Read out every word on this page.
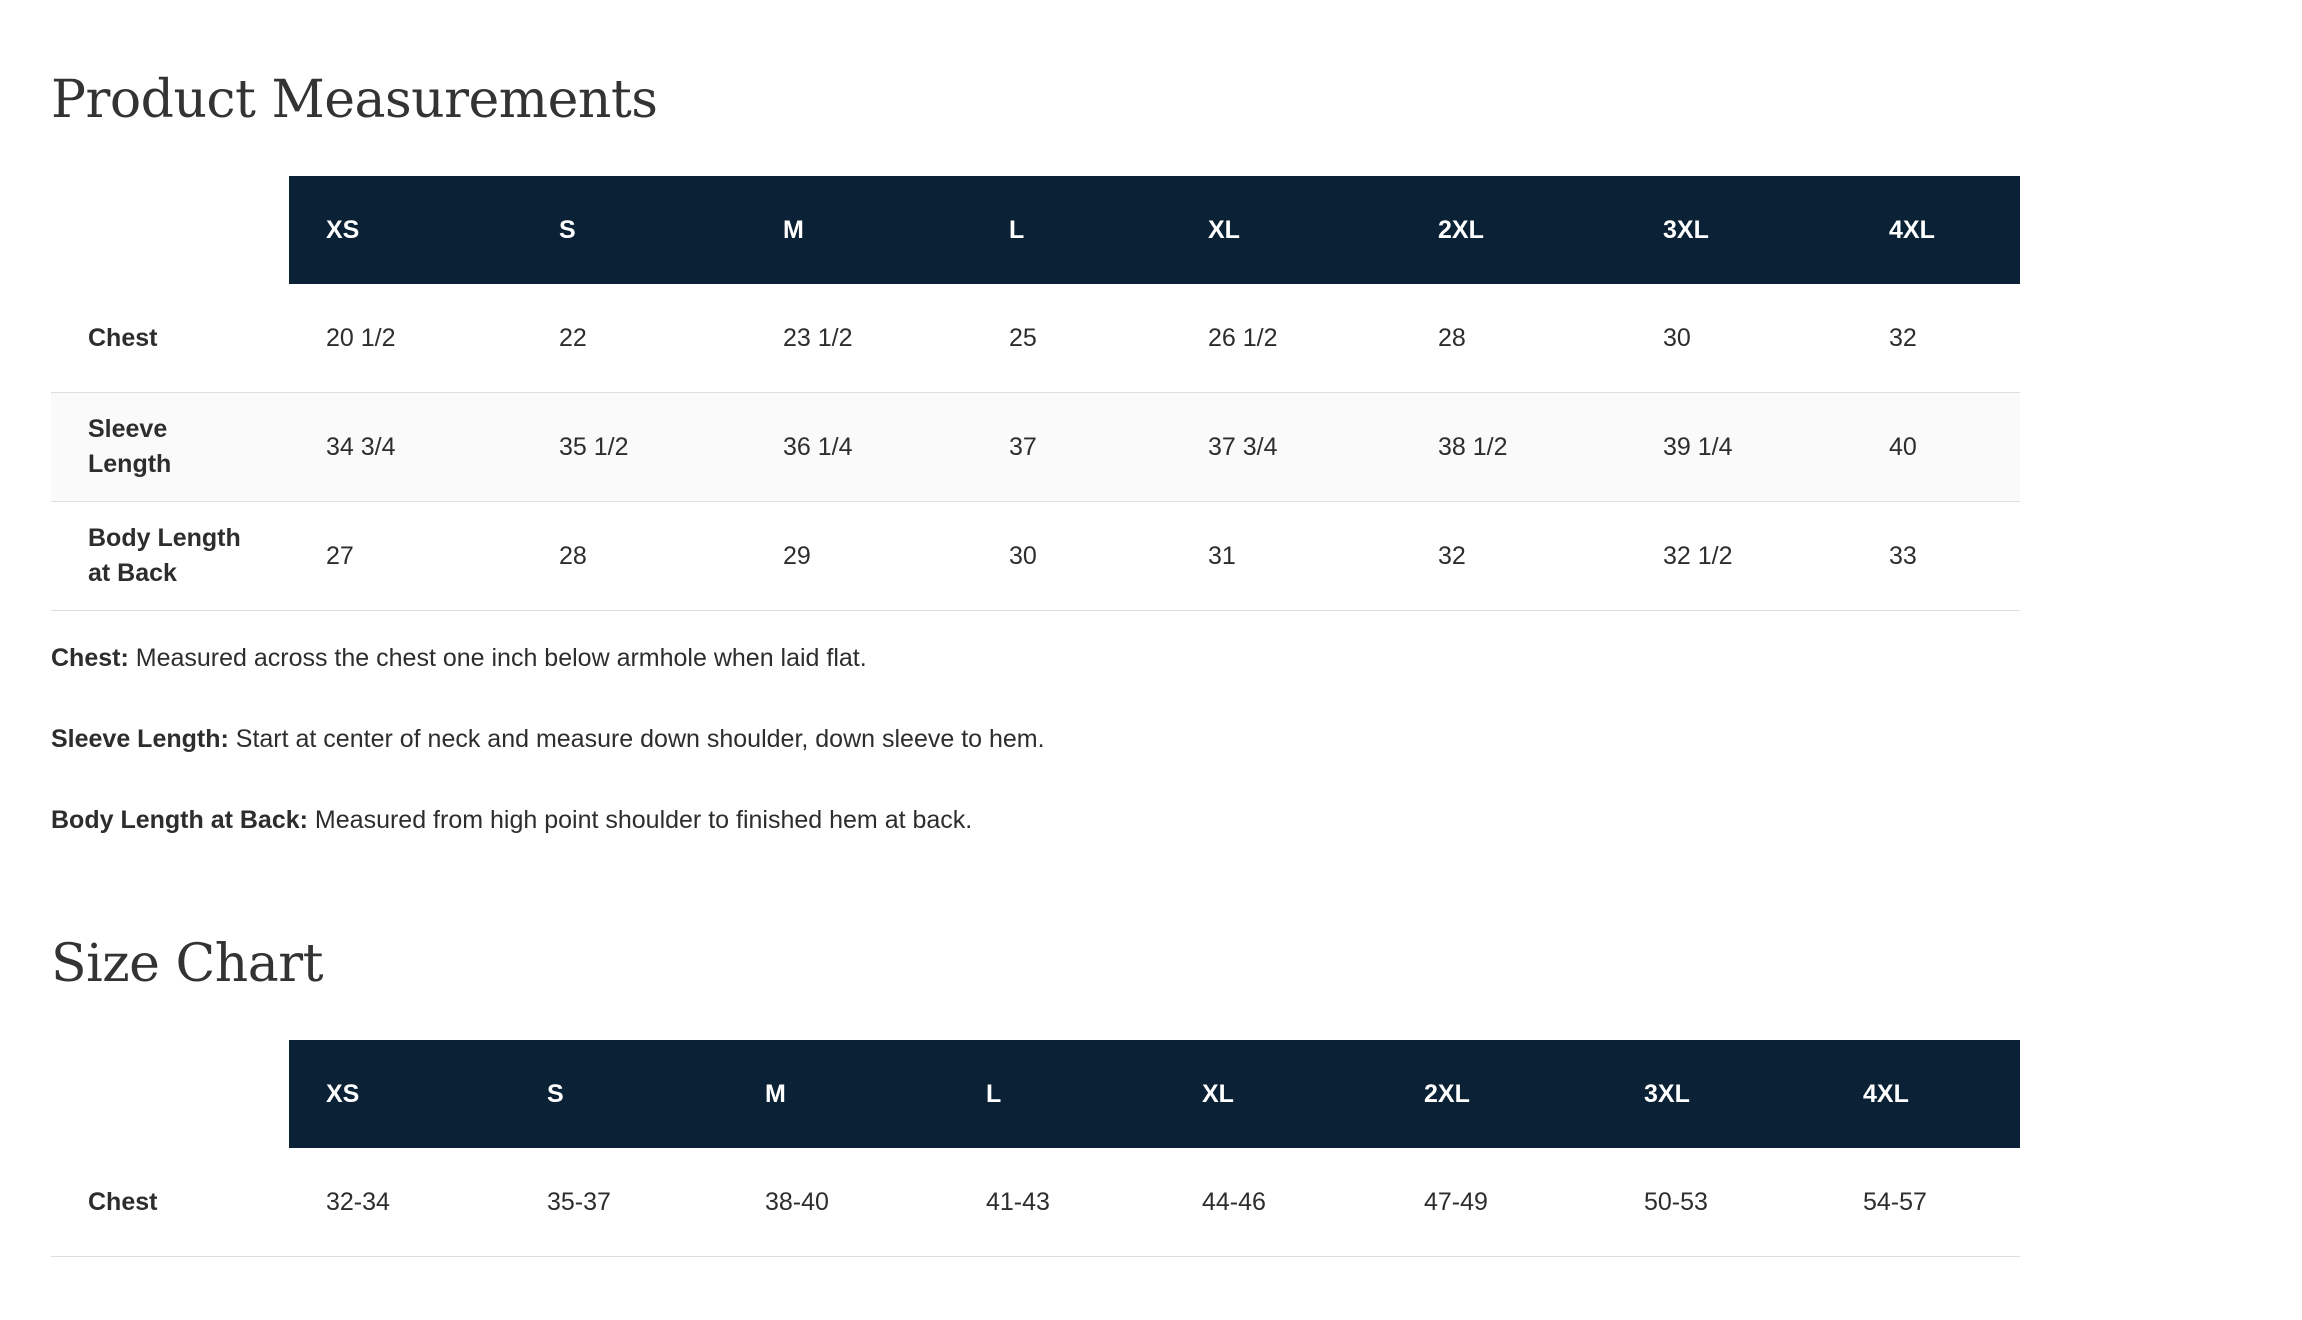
Product Measurements
	XS	S	M	L	XL	2XL	3XL	4XL
Chest	20 1/2	22	23 1/2	25	26 1/2	28	30	32
Sleeve Length	34 3/4	35 1/2	36 1/4	37	37 3/4	38 1/2	39 1/4	40
Body Length at Back	27	28	29	30	31	32	32 1/2	33

Chest: Measured across the chest one inch below armhole when laid flat.

Sleeve Length: Start at center of neck and measure down shoulder, down sleeve to hem.

Body Length at Back: Measured from high point shoulder to finished hem at back.

Size Chart
	XS	S	M	L	XL	2XL	3XL	4XL
Chest	32-34	35-37	38-40	41-43	44-46	47-49	50-53	54-57
